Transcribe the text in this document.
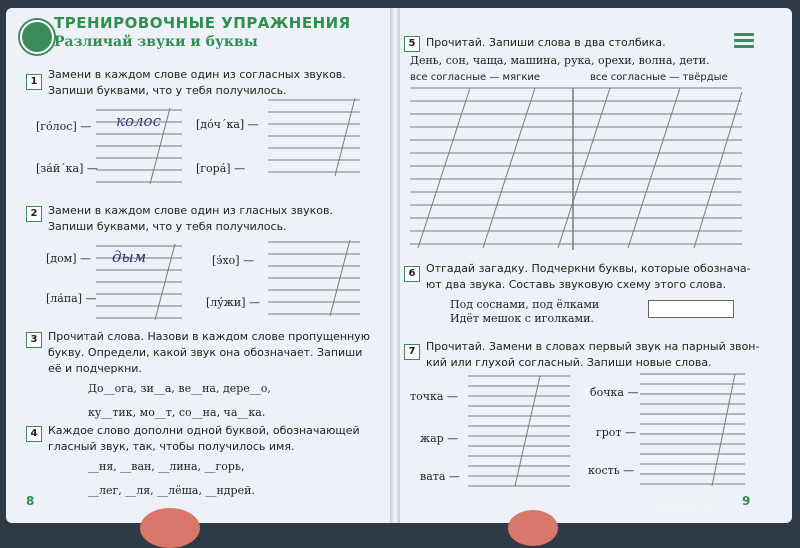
ТРЕНИРОВОЧНЫЕ УПРАЖНЕНИЯ
Различай звуки и буквы
1
Замени в каждом слове один из согласных звуков.
Запиши буквами, что у тебя получилось.
[го́лос] —	[до́ч´ка] —
[за́й´ка] —	[гора́] —
колос
2 Замени в каждом слове один из гласных звуков.
Запиши буквами, что у тебя получилось.
[дом] —	[э́хо] —
[ла́па] —	[лу́жи] —
дым
3 Прочитай слова. Назови в каждом слове пропущенную
букву. Определи, какой звук она обозначает. Запиши
её и подчеркни.
До__ога, зи__а, ве__на, дере__о,
ку__тик, мо__т, со__на, ча__ка.
4 Каждое слово дополни одной буквой, обозначающей
гласный звук, так, чтобы получилось имя.
__ня, __ван, __лина, __горь,
__лег, __ля, __лёша, __ндрей.
8
5 Прочитай. Запиши слова в два столбика.
День, сон, чаща, машина, рука, орехи, волна, дети.
все согласные — мягкие	все согласные — твёрдые
6 Отгадай загадку. Подчеркни буквы, которые обозначa-
ют два звука. Составь звуковую схему этого слова.
Под соснами, под ёлками
Идёт мешок с иголками.
7 Прочитай. Замени в словах первый звук на парный звон-
кий или глухой согласный. Запиши новые слова.
точка —	бочка —
жар —	грот —
вата —	кость —
9
labirint.ru
